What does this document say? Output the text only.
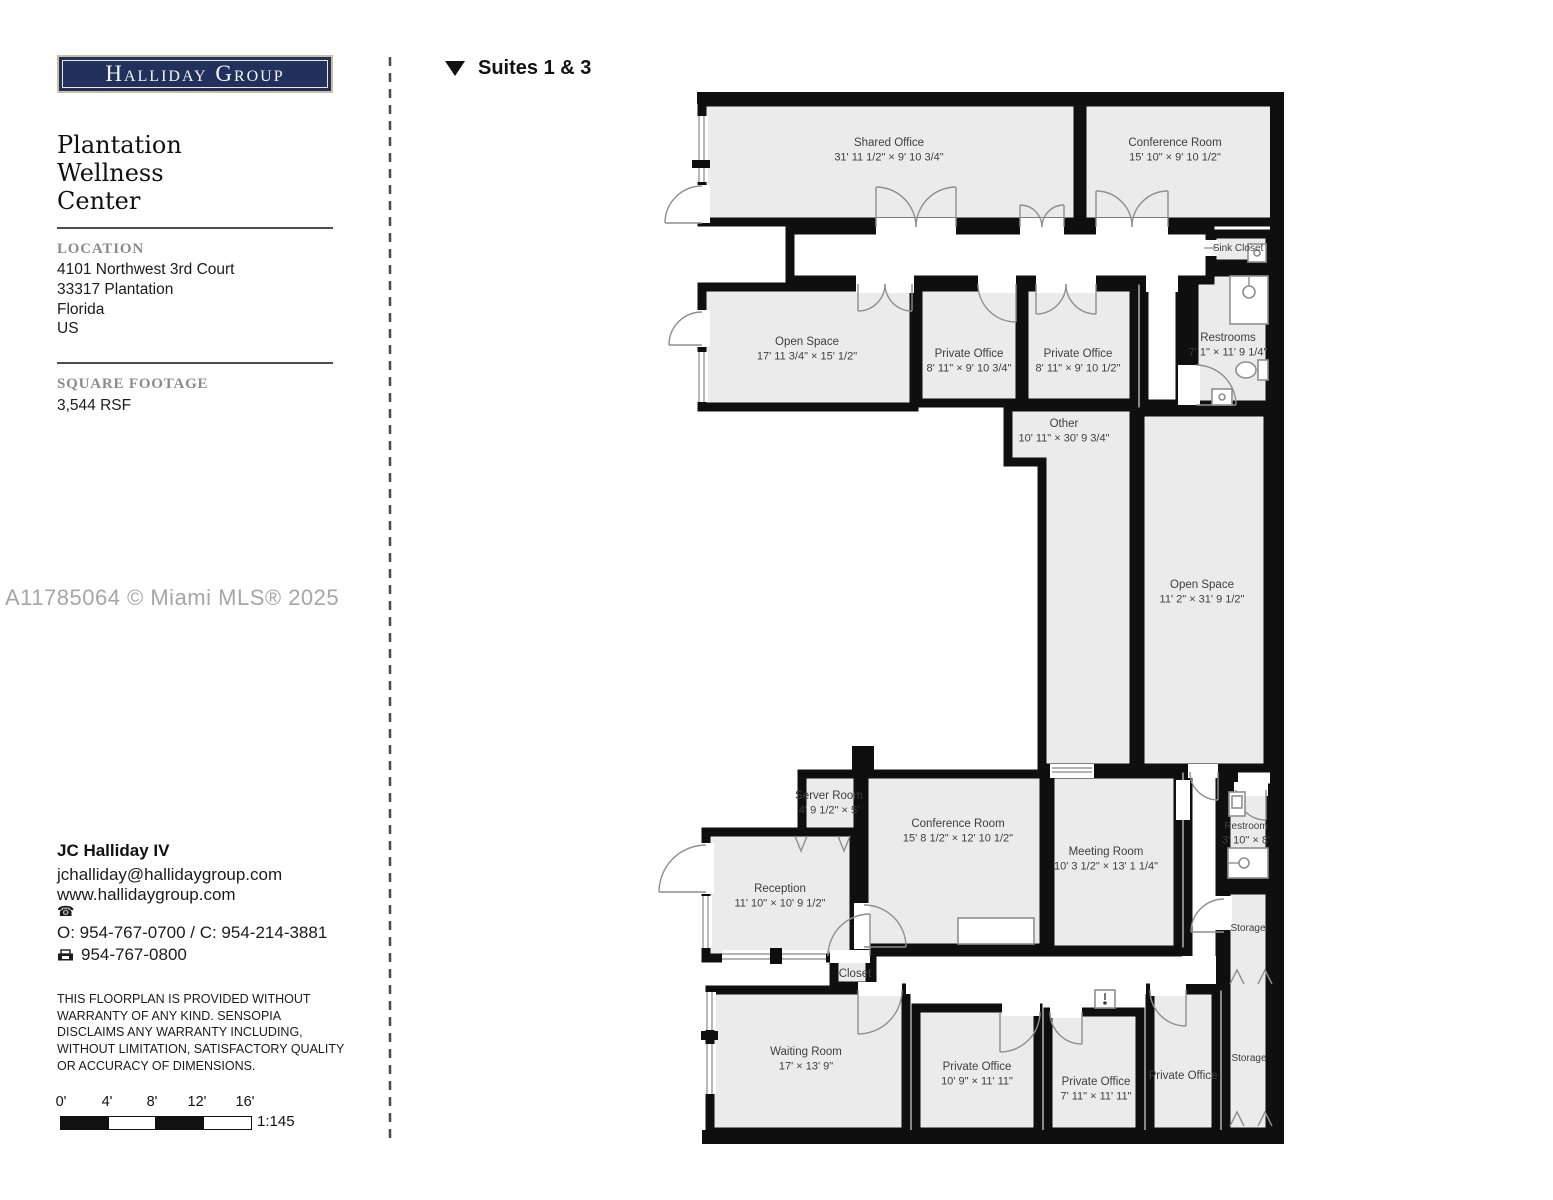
Halliday Group
Plantation Wellness Center
LOCATION
4101 Northwest 3rd Court
33317 Plantation
Florida
US
SQUARE FOOTAGE
3,544 RSF
A11785064 © Miami MLS® 2025
JC Halliday IV
jchalliday@hallidaygroup.com
www.hallidaygroup.com
☎
O: 954-767-0700 / C: 954-214-3881
954-767-0800
THIS FLOORPLAN IS PROVIDED WITHOUT WARRANTY OF ANY KIND. SENSOPIA DISCLAIMS ANY WARRANTY INCLUDING, WITHOUT LIMITATION, SATISFACTORY QUALITY OR ACCURACY OF DIMENSIONS.
0' 4' 8' 12' 16'
1:145
Suites 1 & 3
Shared Office 31' 11 1/2" × 9' 10 3/4"
Conference Room 15' 10" × 9' 10 1/2"
Sink Closet
Restrooms 7' 1" × 11' 9 1/4"
Open Space 17' 11 3/4" × 15' 1/2"	Private Office 8' 11" × 9' 10 3/4"
Private Office 8' 11" × 9' 10 1/2"
Other 10' 11" × 30' 9 3/4"
Open Space 11' 2" × 31' 9 1/2"
Server Room 4' 9 1/2" × 5'
Conference Room 15' 8 1/2" × 12' 10 1/2"
Meeting Room 10' 3 1/2" × 13' 1 1/4"
Reception 11' 10" × 10' 9 1/2"
Restroom 3' 10" × 8'
Storage
Closet
Waiting Room 17' × 13' 9"	Private Office 10' 9" × 11' 11"	Private Office 7' 11" × 11' 11"
Private Office
Storage
